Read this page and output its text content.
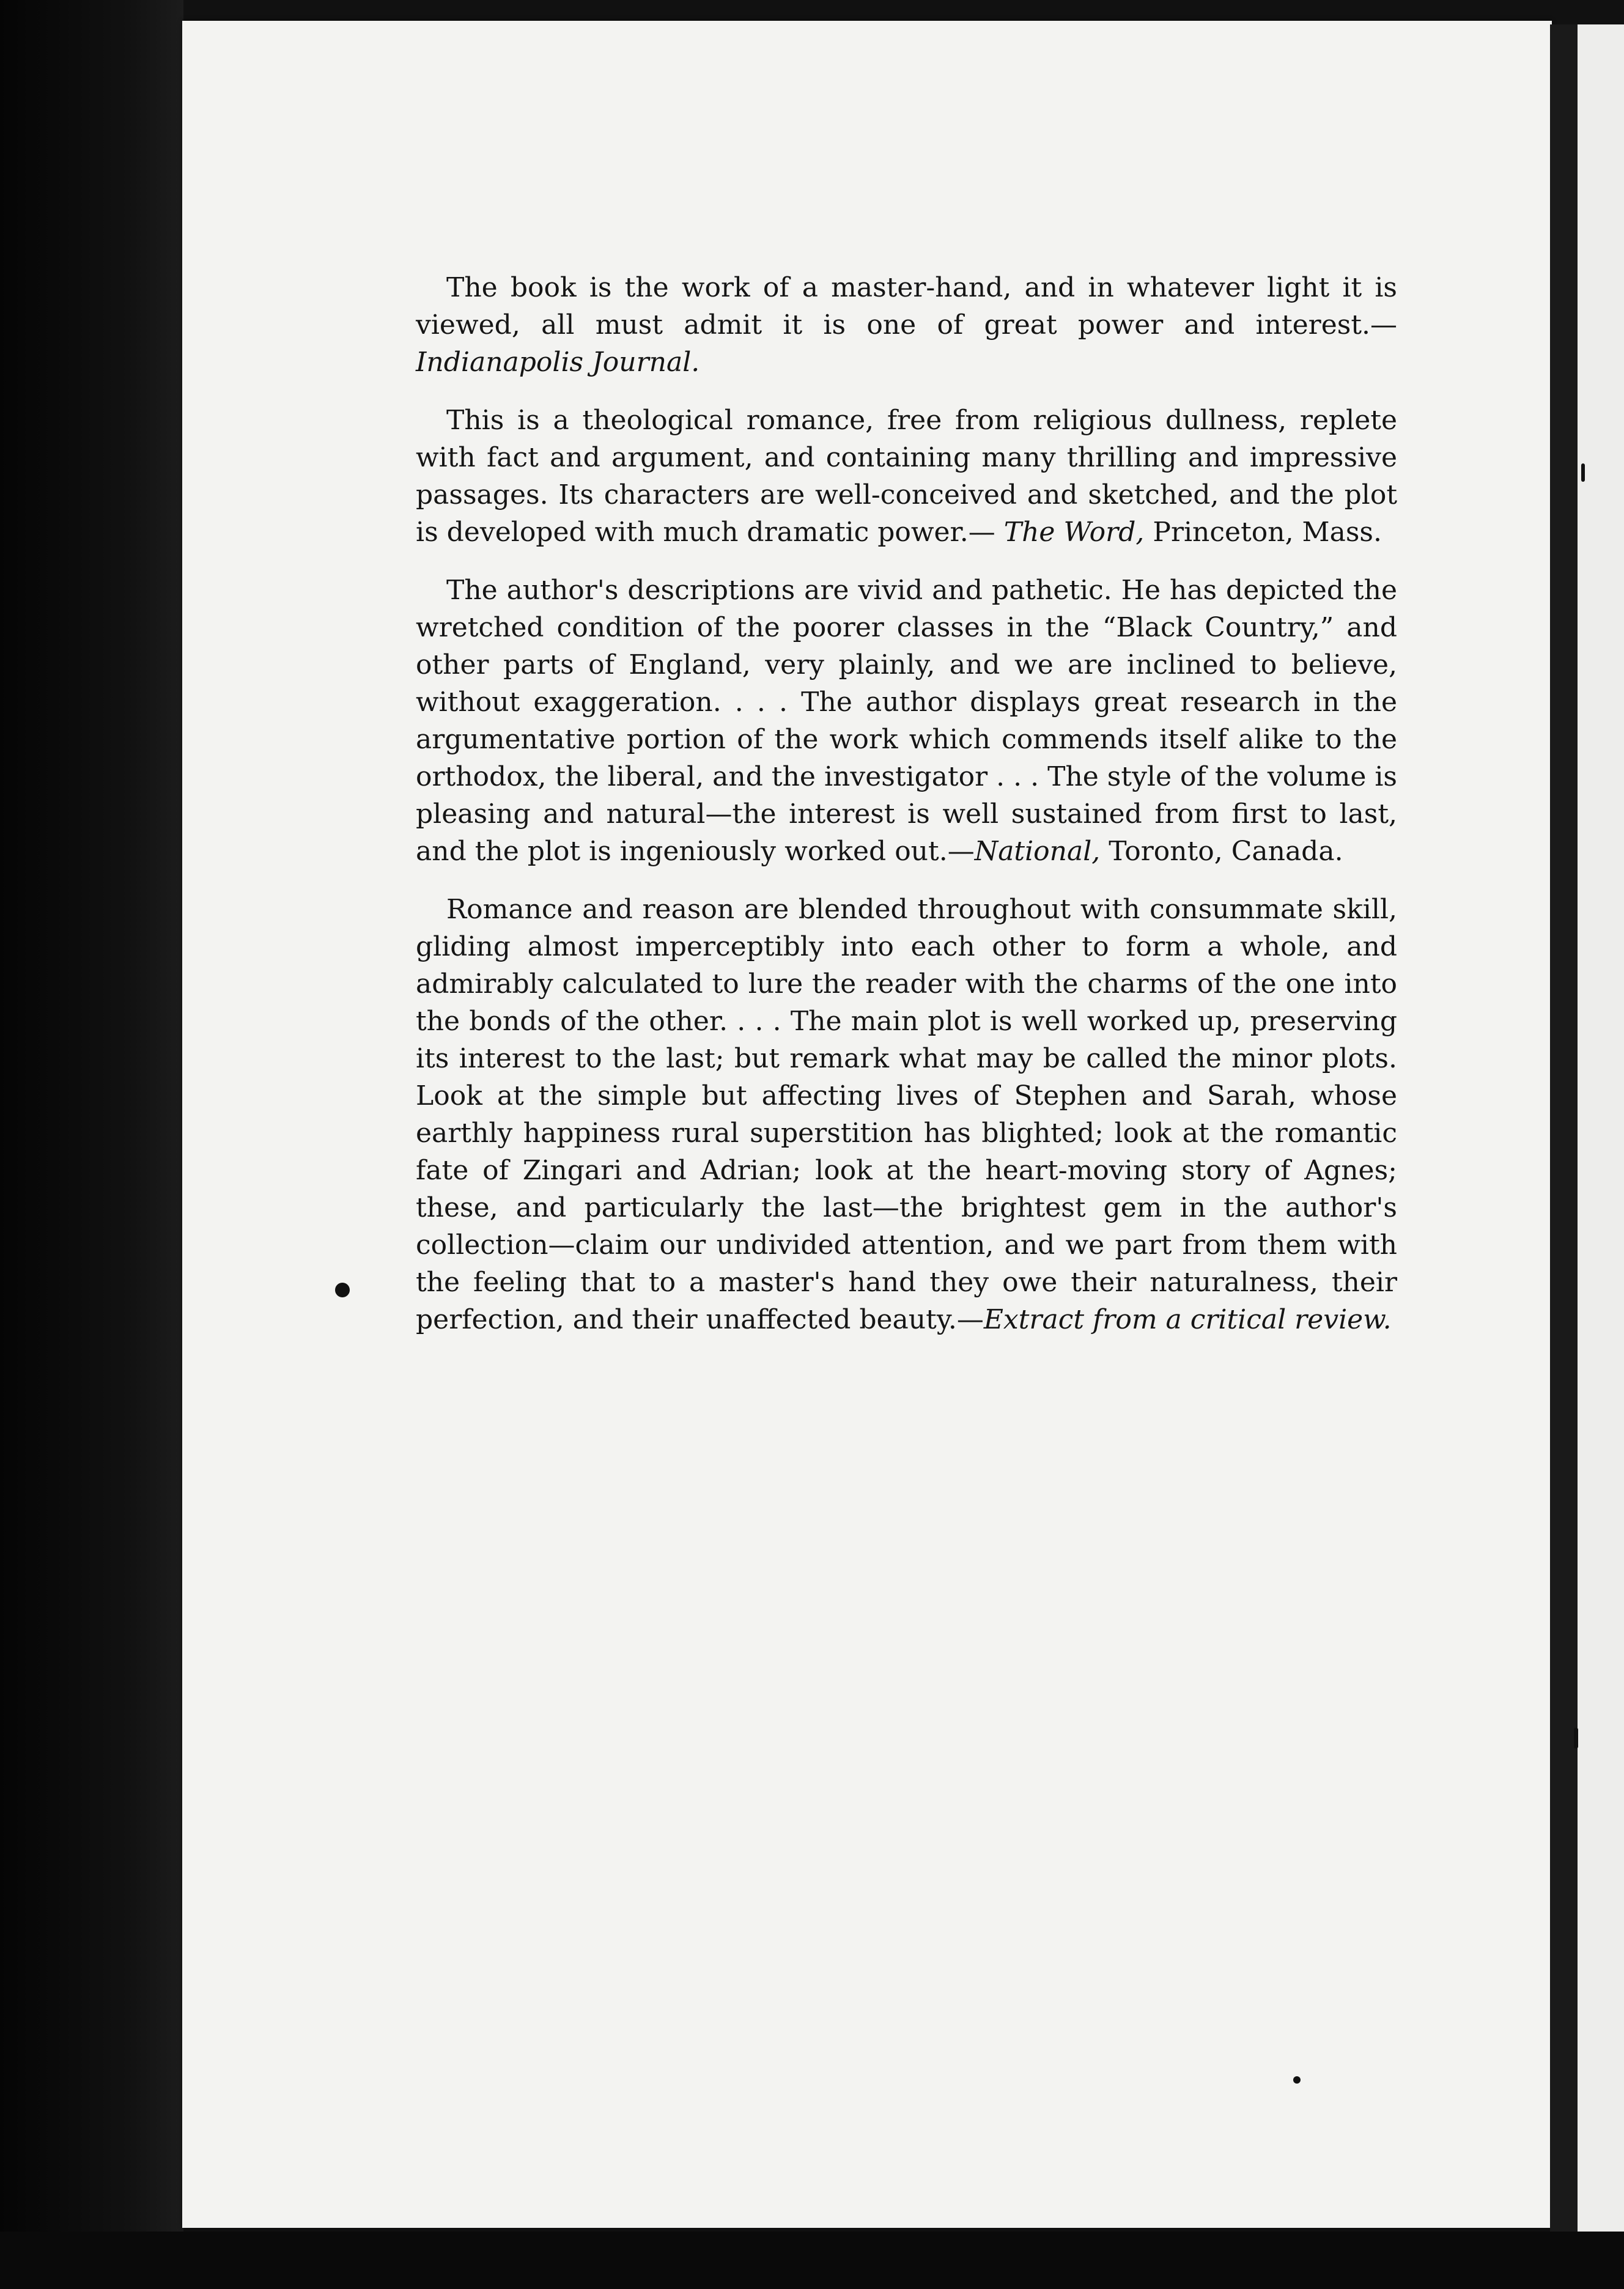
The book is the work of a master-hand, and in whatever light it is viewed, all must admit it is one of great power and interest.—Indianapolis Journal.

This is a theological romance, free from religious dullness, replete with fact and argument, and containing many thrilling and impressive passages. Its characters are well-conceived and sketched, and the plot is developed with much dramatic power.— The Word, Princeton, Mass.

The author's descriptions are vivid and pathetic. He has depicted the wretched condition of the poorer classes in the “Black Country,” and other parts of England, very plainly, and we are inclined to believe, without exaggeration. . . . The author displays great research in the argumentative portion of the work which commends itself alike to the orthodox, the liberal, and the investigator . . . The style of the volume is pleasing and natural—the interest is well sustained from first to last, and the plot is ingeniously worked out.—National, Toronto, Canada.

Romance and reason are blended throughout with consummate skill, gliding almost imperceptibly into each other to form a whole, and admirably calculated to lure the reader with the charms of the one into the bonds of the other. . . . The main plot is well worked up, preserving its interest to the last; but remark what may be called the minor plots. Look at the simple but affecting lives of Stephen and Sarah, whose earthly happiness rural superstition has blighted; look at the romantic fate of Zingari and Adrian; look at the heart-moving story of Agnes; these, and particularly the last—the brightest gem in the author's collection—claim our undivided attention, and we part from them with the feeling that to a master's hand they owe their naturalness, their perfection, and their unaffected beauty.—Extract from a critical review.
